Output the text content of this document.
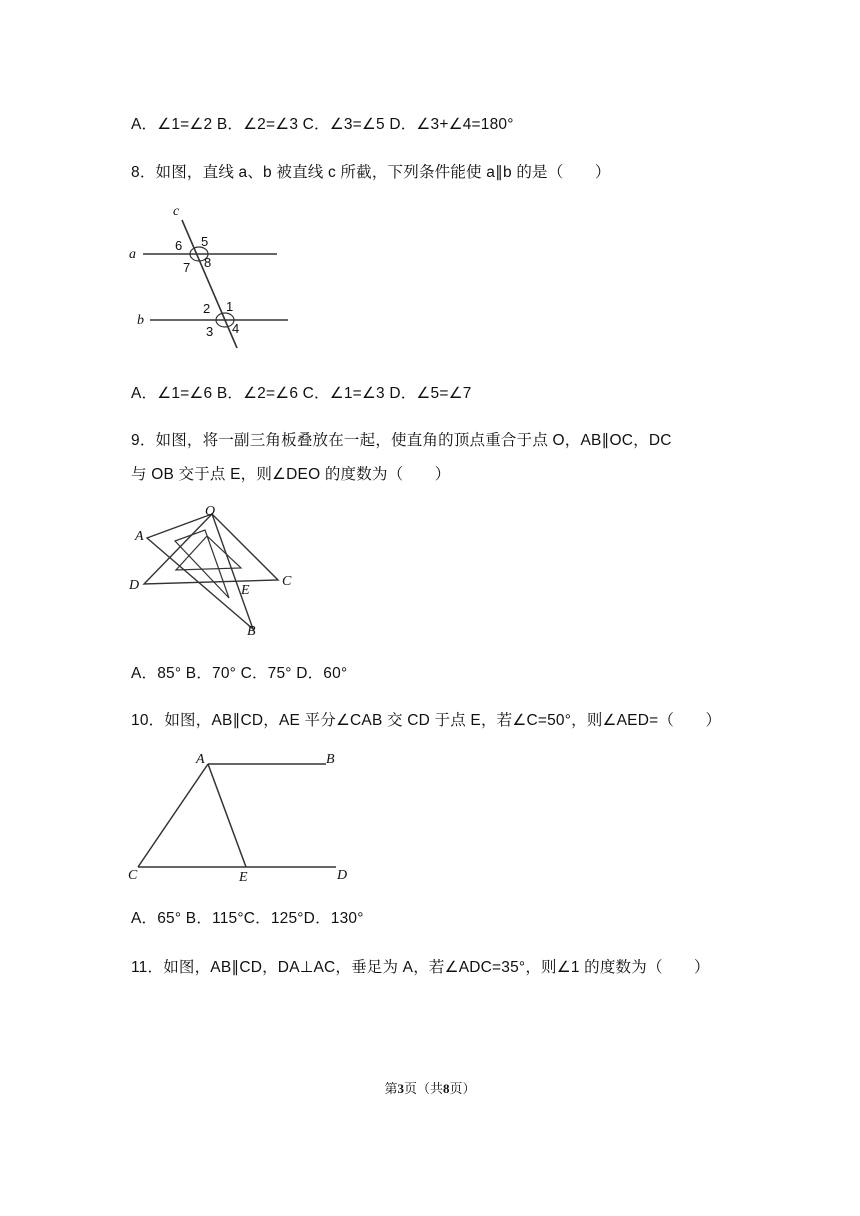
A．∠1=∠2 B．∠2=∠3 C．∠3=∠5 D．∠3+∠4=180°
8．如图，直线 a、b 被直线 c 所截，下列条件能使 a∥b 的是（　　）
c
a
b
6 5
7 8
2 1
3 4
A．∠1=∠6 B．∠2=∠6 C．∠1=∠3 D．∠5=∠7
9．如图，将一副三角板叠放在一起，使直角的顶点重合于点 O，AB∥OC，DC
与 OB 交于点 E，则∠DEO 的度数为（　　）
A
O
D	C
E
B
A．85° B．70° C．75° D．60°
10．如图，AB∥CD，AE 平分∠CAB 交 CD 于点 E，若∠C=50°，则∠AED=（　　）
A	B
C	E	D
A．65° B．115°C．125°D．130°
11．如图，AB∥CD，DA⊥AC，垂足为 A，若∠ADC=35°，则∠1 的度数为（　　）
第3页（共8页）
